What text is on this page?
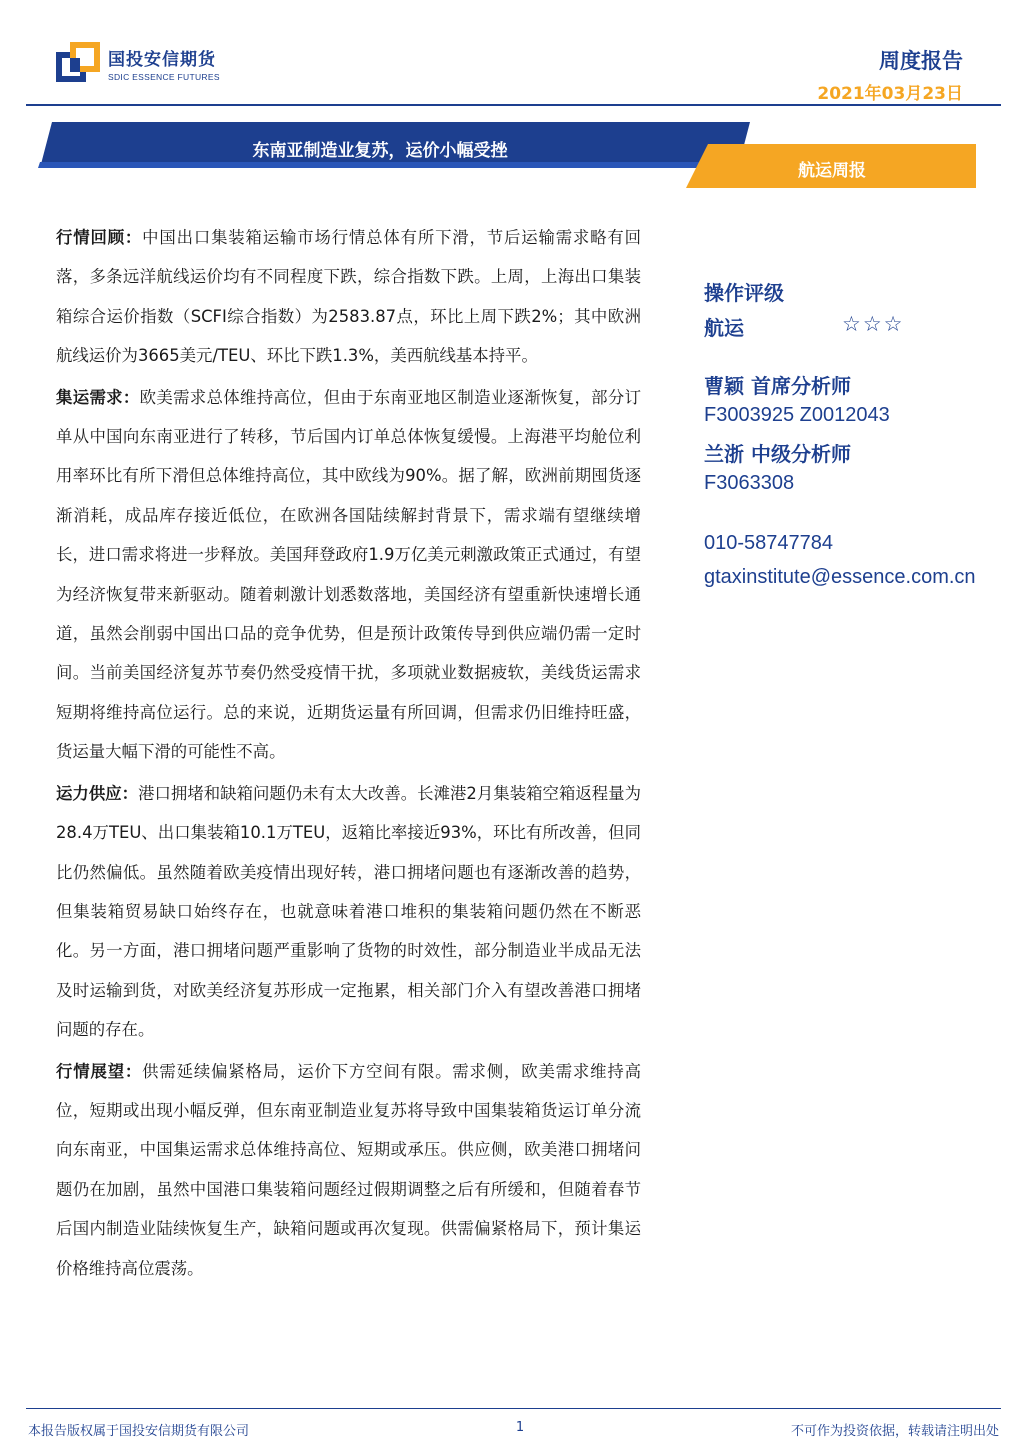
国投安信期货
SDIC ESSENCE FUTURES
周度报告
2021年03月23日
东南亚制造业复苏，运价小幅受挫
航运周报

行情回顾：中国出口集装箱运输市场行情总体有所下滑，节后运输需求略有回落，多条远洋航线运价均有不同程度下跌，综合指数下跌。上周，上海出口集装箱综合运价指数（SCFI综合指数）为2583.87点，环比上周下跌2%；其中欧洲航线运价为3665美元/TEU、环比下跌1.3%，美西航线基本持平。

集运需求：欧美需求总体维持高位，但由于东南亚地区制造业逐渐恢复，部分订单从中国向东南亚进行了转移，节后国内订单总体恢复缓慢。上海港平均舱位利用率环比有所下滑但总体维持高位，其中欧线为90%。据了解，欧洲前期囤货逐渐消耗，成品库存接近低位，在欧洲各国陆续解封背景下，需求端有望继续增长，进口需求将进一步释放。美国拜登政府1.9万亿美元刺激政策正式通过，有望为经济恢复带来新驱动。随着刺激计划悉数落地，美国经济有望重新快速增长通道，虽然会削弱中国出口品的竞争优势，但是预计政策传导到供应端仍需一定时间。当前美国经济复苏节奏仍然受疫情干扰，多项就业数据疲软，美线货运需求短期将维持高位运行。总的来说，近期货运量有所回调，但需求仍旧维持旺盛，货运量大幅下滑的可能性不高。

运力供应：港口拥堵和缺箱问题仍未有太大改善。长滩港2月集装箱空箱返程量为28.4万TEU、出口集装箱10.1万TEU，返箱比率接近93%，环比有所改善，但同比仍然偏低。虽然随着欧美疫情出现好转，港口拥堵问题也有逐渐改善的趋势，但集装箱贸易缺口始终存在，也就意味着港口堆积的集装箱问题仍然在不断恶化。另一方面，港口拥堵问题严重影响了货物的时效性，部分制造业半成品无法及时运输到货，对欧美经济复苏形成一定拖累，相关部门介入有望改善港口拥堵问题的存在。

行情展望：供需延续偏紧格局，运价下方空间有限。需求侧，欧美需求维持高位，短期或出现小幅反弹，但东南亚制造业复苏将导致中国集装箱货运订单分流向东南亚，中国集运需求总体维持高位、短期或承压。供应侧，欧美港口拥堵问题仍在加剧，虽然中国港口集装箱问题经过假期调整之后有所缓和，但随着春节后国内制造业陆续恢复生产，缺箱问题或再次复现。供需偏紧格局下，预计集运价格维持高位震荡。

操作评级
航运	☆☆☆
曹颖 首席分析师
F3003925 Z0012043
兰浙 中级分析师
F3063308
010-58747784
gtaxinstitute@essence.com.cn
本报告版权属于国投安信期货有限公司	1	不可作为投资依据，转载请注明出处
